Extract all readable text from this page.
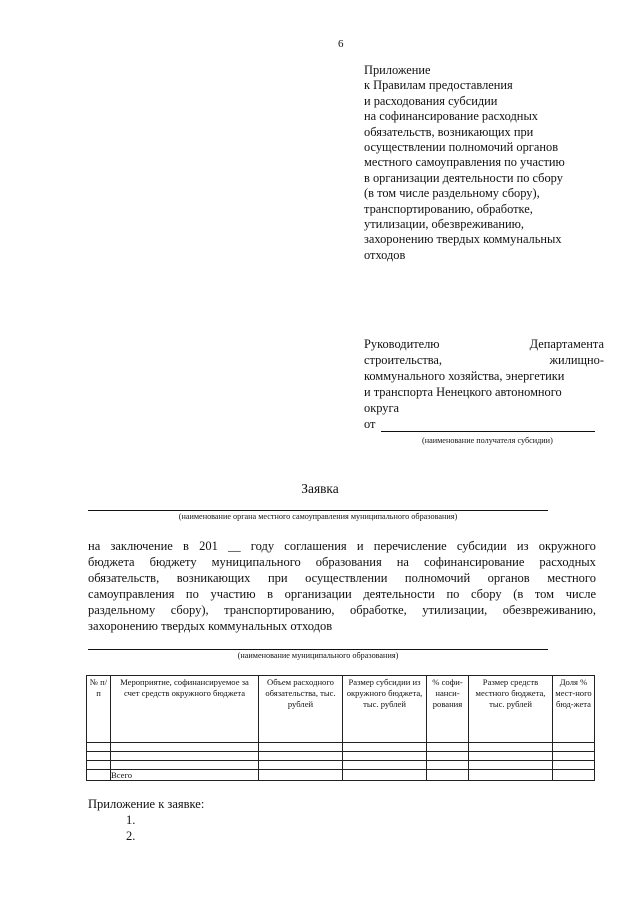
6
Приложение
к Правилам предоставления
и расходования субсидии
на софинансирование расходных
обязательств, возникающих при
осуществлении полномочий органов
местного самоуправления по участию
в организации деятельности по сбору
(в том числе раздельному сбору),
транспортированию, обработке,
утилизации, обезвреживанию,
захоронению твердых коммунальных
отходов
Руководителю	Департамента
строительства,	жилищно-
коммунального хозяйства, энергетики
и транспорта Ненецкого автономного
округа
от
(наименование получателя субсидии)
Заявка
(наименование органа местного самоуправления муниципального образования)
на заключение в 201 __ году соглашения и перечисление субсидии из окружного
бюджета бюджету муниципального образования на софинансирование расходных
обязательств, возникающих при осуществлении полномочий органов местного
самоуправления по участию в организации деятельности по сбору (в том числе
раздельному сбору), транспортированию, обработке, утилизации, обезвреживанию,
захоронению твердых коммунальных отходов
(наименование муниципального образования)
№ п/п	Мероприятие, софинансируемое за счет средств окружного бюджета	Объем расходного обязательства, тыс. рублей	Размер субсидии из окружного бюджета, тыс. рублей	% софи-нанси-рования	Размер средств местного бюджета, тыс. рублей	Доля % мест-ного бюд-жета

	Всего					
Приложение к заявке:
1.
2.
